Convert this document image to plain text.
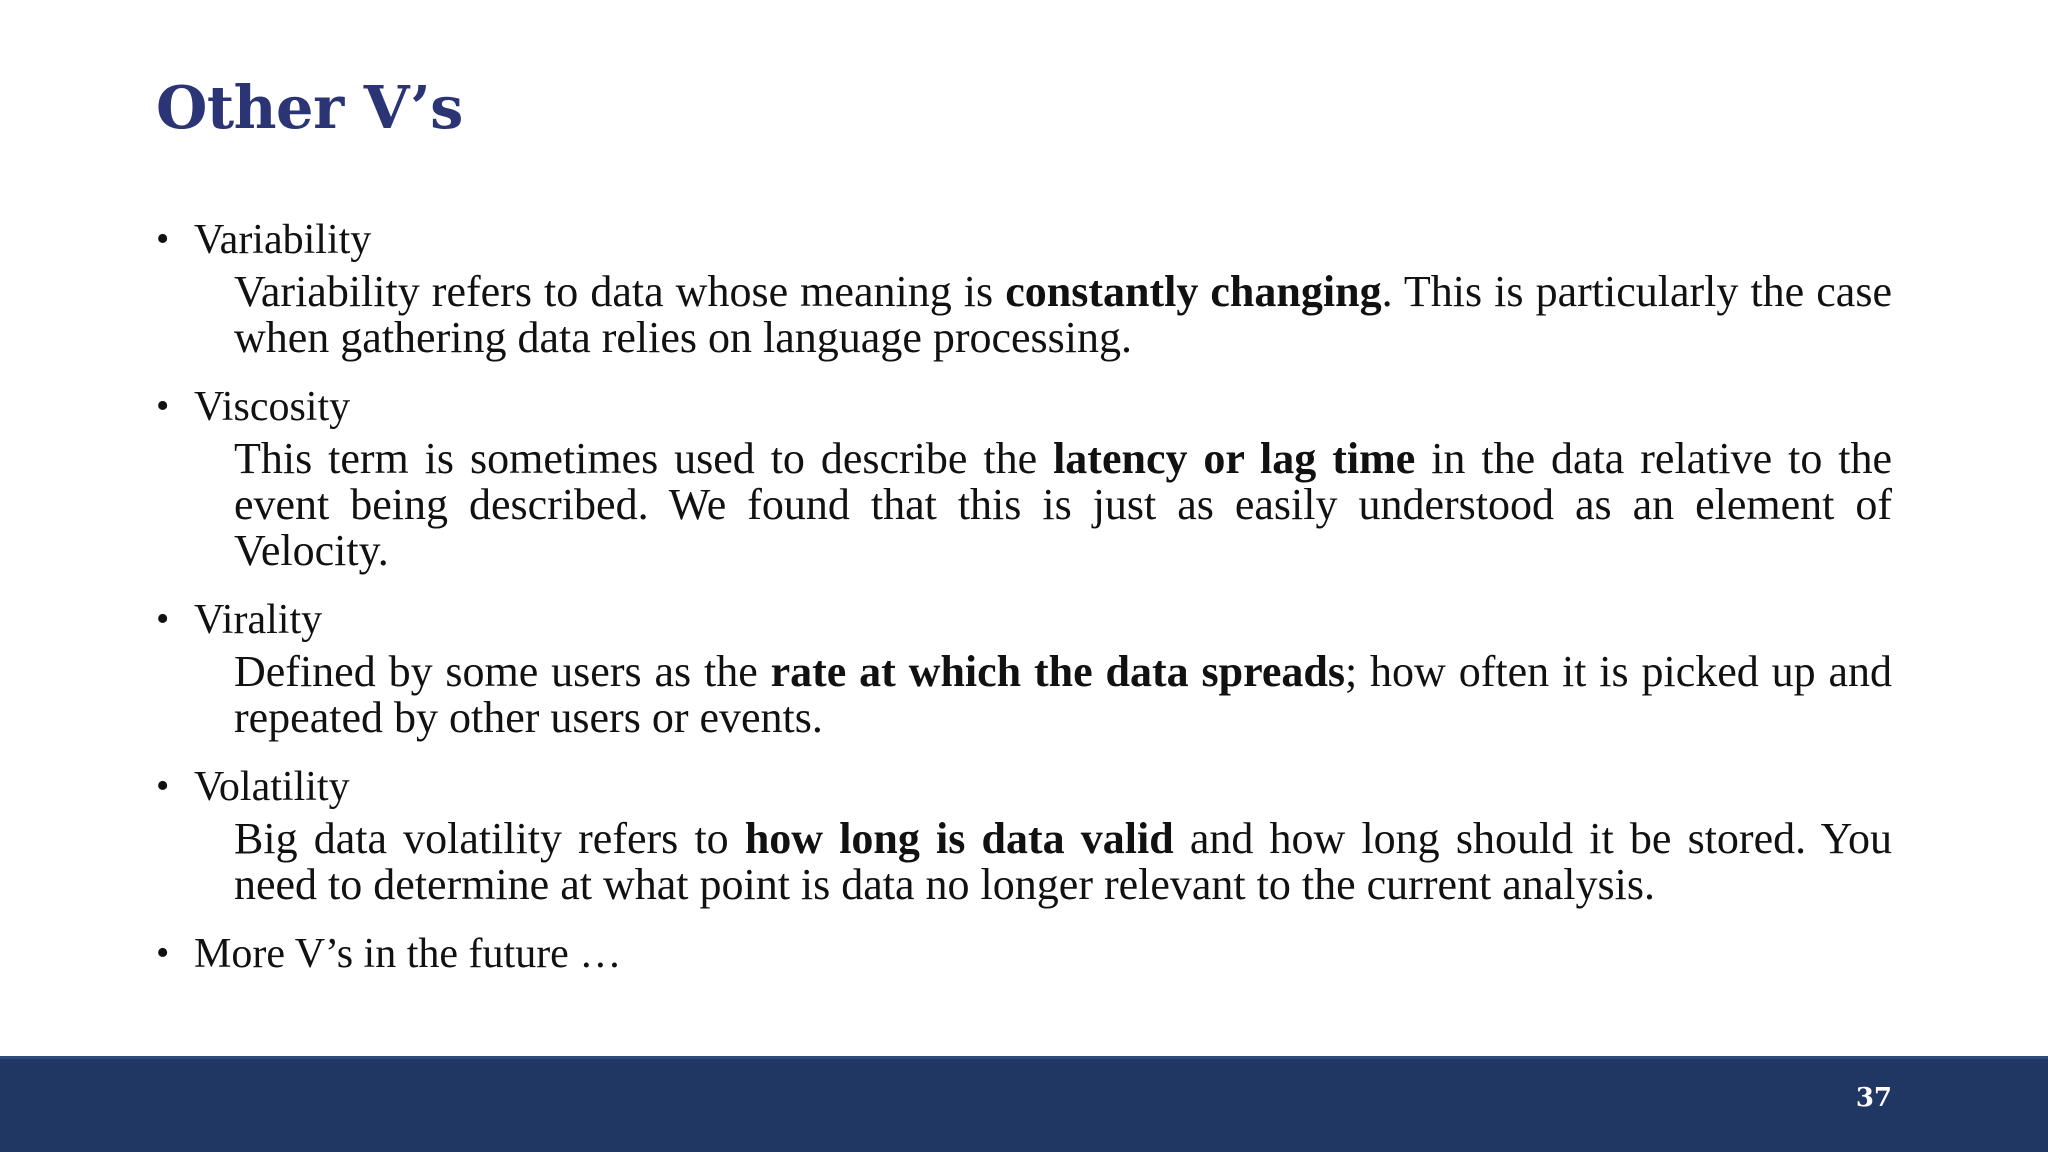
Other V’s
• Variability
Variability refers to data whose meaning is constantly changing. This is particularly the case when gathering data relies on language processing.
• Viscosity
This term is sometimes used to describe the latency or lag time in the data relative to the event being described. We found that this is just as easily understood as an element of Velocity.
• Virality
Defined by some users as the rate at which the data spreads; how often it is picked up and repeated by other users or events.
• Volatility
Big data volatility refers to how long is data valid and how long should it be stored. You need to determine at what point is data no longer relevant to the current analysis.
• More V’s in the future …
37
